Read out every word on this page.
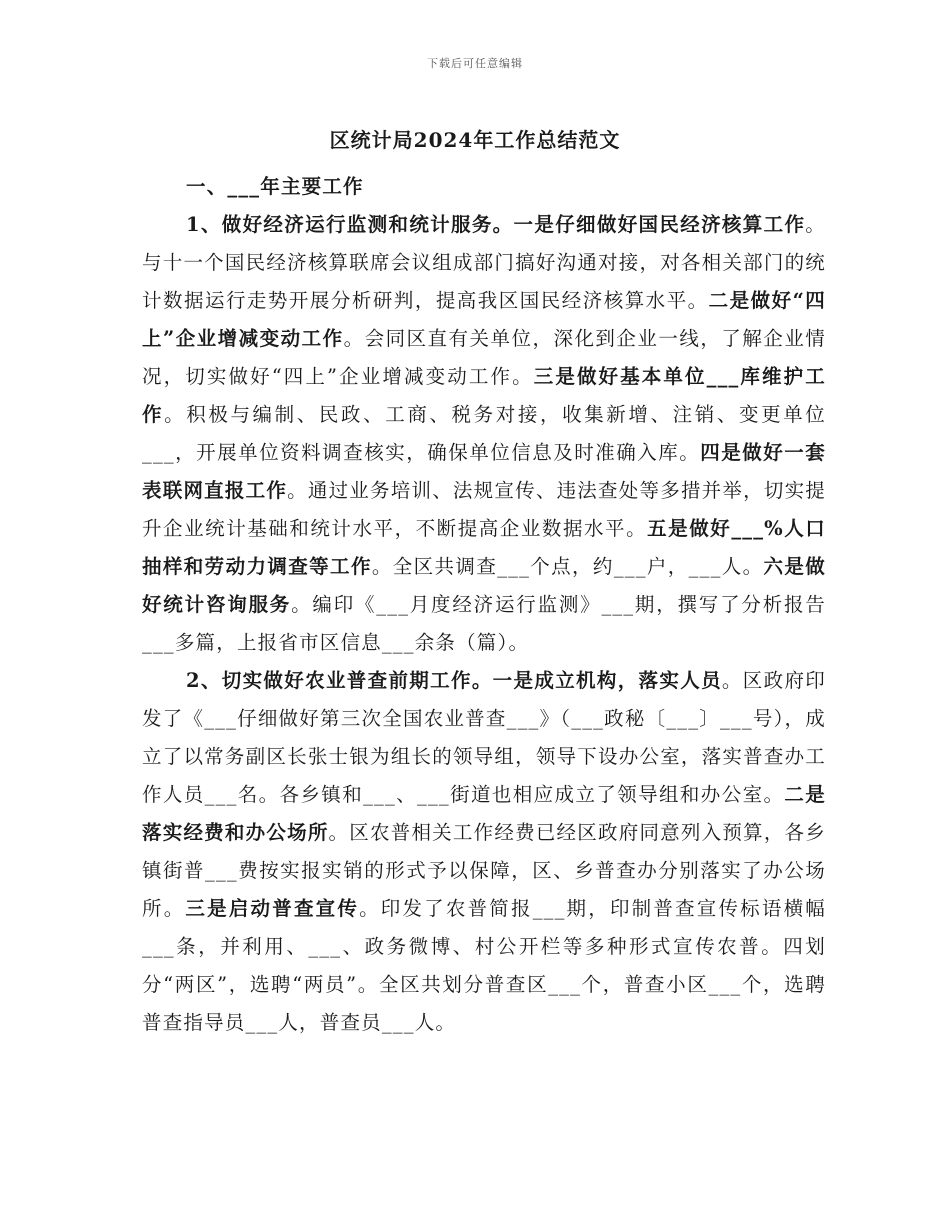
下载后可任意编辑
区统计局2024年工作总结范文

一、___年主要工作

1、做好经济运行监测和统计服务。一是仔细做好国民经济核算工作。与十一个国民经济核算联席会议组成部门搞好沟通对接，对各相关部门的统计数据运行走势开展分析研判，提高我区国民经济核算水平。二是做好“四上”企业增减变动工作。会同区直有关单位，深化到企业一线，了解企业情况，切实做好“四上”企业增减变动工作。三是做好基本单位___库维护工作。积极与编制、民政、工商、税务对接，收集新增、注销、变更单位___，开展单位资料调查核实，确保单位信息及时准确入库。四是做好一套表联网直报工作。通过业务培训、法规宣传、违法查处等多措并举，切实提升企业统计基础和统计水平，不断提高企业数据水平。五是做好___%人口抽样和劳动力调查等工作。全区共调查___个点，约___户，___人。六是做好统计咨询服务。编印《___月度经济运行监测》___期，撰写了分析报告___多篇，上报省市区信息___余条（篇）。

2、切实做好农业普查前期工作。一是成立机构，落实人员。区政府印发了《___仔细做好第三次全国农业普查___》（___政秘〔___〕___号），成立了以常务副区长张士银为组长的领导组，领导下设办公室，落实普查办工作人员___名。各乡镇和___、___街道也相应成立了领导组和办公室。二是落实经费和办公场所。区农普相关工作经费已经区政府同意列入预算，各乡镇街普___费按实报实销的形式予以保障，区、乡普查办分别落实了办公场所。三是启动普查宣传。印发了农普简报___期，印制普查宣传标语横幅___条，并利用、___、政务微博、村公开栏等多种形式宣传农普。四划分“两区”，选聘“两员”。全区共划分普查区___个，普查小区___个，选聘普查指导员___人，普查员___人。
